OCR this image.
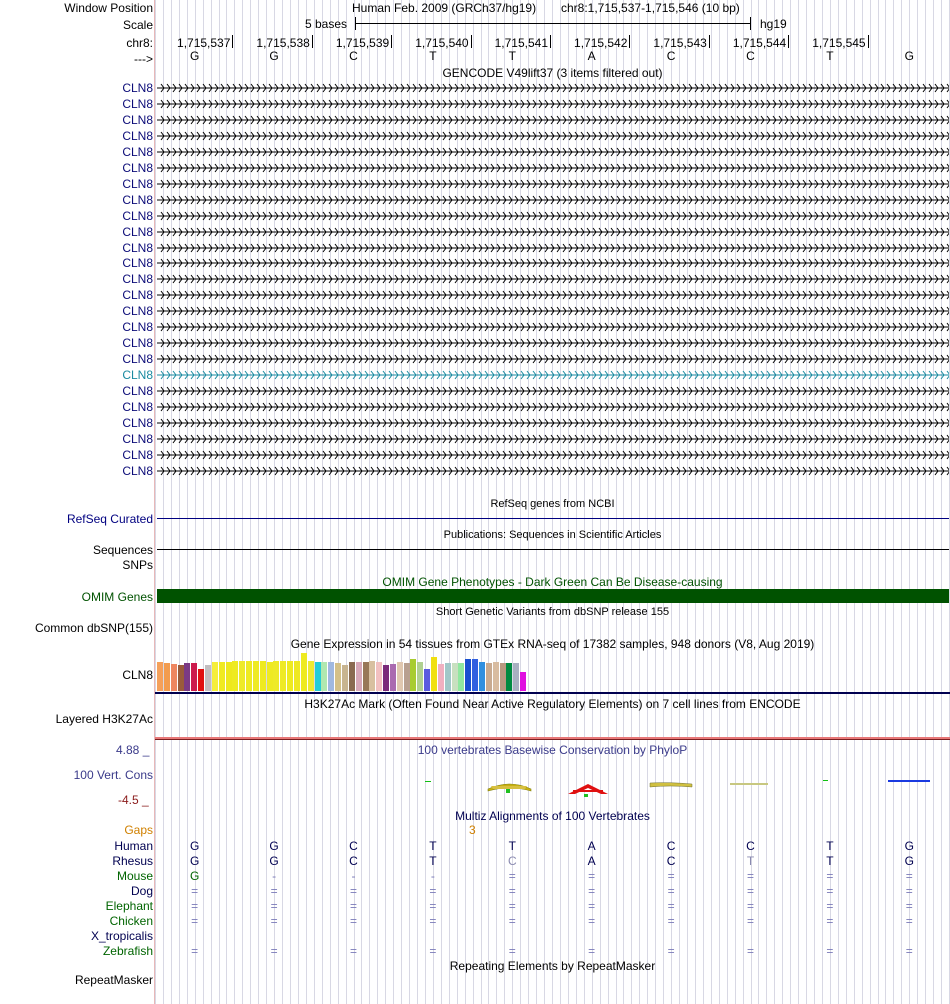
Window Position	Human Feb. 2009 (GRCh37/hg19) chr8:1,715,537-1,715,546 (10 bp)
Scale	5 bases	hg19
chr8: 1,715,537 1,715,538 1,715,539 1,715,540 1,715,541 1,715,542 1,715,543 1,715,544 1,715,545
--->	G	G	C	T	T	A	C	C	T	G
GENCODE V49lift37 (3 items filtered out)
CLN8
CLN8
CLN8
CLN8
CLN8
CLN8
CLN8
CLN8
CLN8
CLN8
CLN8
CLN8
CLN8
CLN8
CLN8
CLN8
CLN8
CLN8
CLN8
CLN8
CLN8
CLN8
CLN8
CLN8
CLN8
RefSeq genes from NCBI
RefSeq Curated
Publications: Sequences in Scientific Articles
Sequences
SNPs
OMIM Gene Phenotypes - Dark Green Can Be Disease-causing
OMIM Genes
Short Genetic Variants from dbSNP release 155
Common dbSNP(155)
Gene Expression in 54 tissues from GTEx RNA-seq of 17382 samples, 948 donors (V8, Aug 2019)
CLN8
H3K27Ac Mark (Often Found Near Active Regulatory Elements) on 7 cell lines from ENCODE
Layered H3K27Ac
100 vertebrates Basewise Conservation by PhyloP
4.88 _
100 Vert. Cons
-4.5 _
Multiz Alignments of 100 Vertebrates
Gaps	3
Human	G	G	C	T	T	A	C	C	T	G
Rhesus	G	G	C	T	C	A	C	T	T	G
Mouse	G	-	-	-	=	=	=	=	=	=
Dog	=	=	=	=	=	=	=	=	=	=
Elephant	=	=	=	=	=	=	=	=	=	=
Chicken	=	=	=	=	=	=	=	=	=	=
X_tropicalis
Zebrafish	=	=	=	=	=	=	=	=	=	=
Repeating Elements by RepeatMasker
RepeatMasker
